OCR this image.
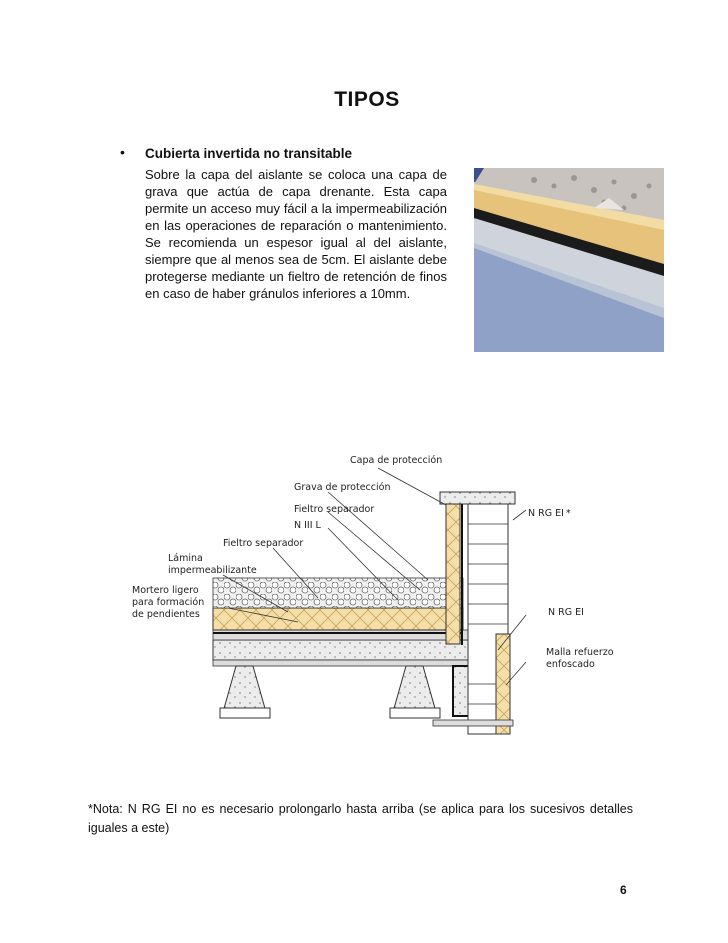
TIPOS
• Cubierta invertida no transitable
Sobre la capa del aislante se coloca una capa de grava que actúa de capa drenante. Esta capa permite un acceso muy fácil a la impermeabilización en las operaciones de reparación o mantenimiento. Se recomienda un espesor igual al del aislante, siempre que al menos sea de 5cm. El aislante debe protegerse mediante un fieltro de retención de finos en caso de haber gránulos inferiores a 10mm.
Capa de protección
Grava de protección
Fieltro separador
N III L
Fieltro separador
Lámina
impermeabilizante
Mortero ligero
para formación
de pendientes
N RG EI *
N RG EI
Malla refuerzo
enfoscado
*Nota: N RG EI no es necesario prolongarlo hasta arriba (se aplica para los sucesivos detalles iguales a este)
6
